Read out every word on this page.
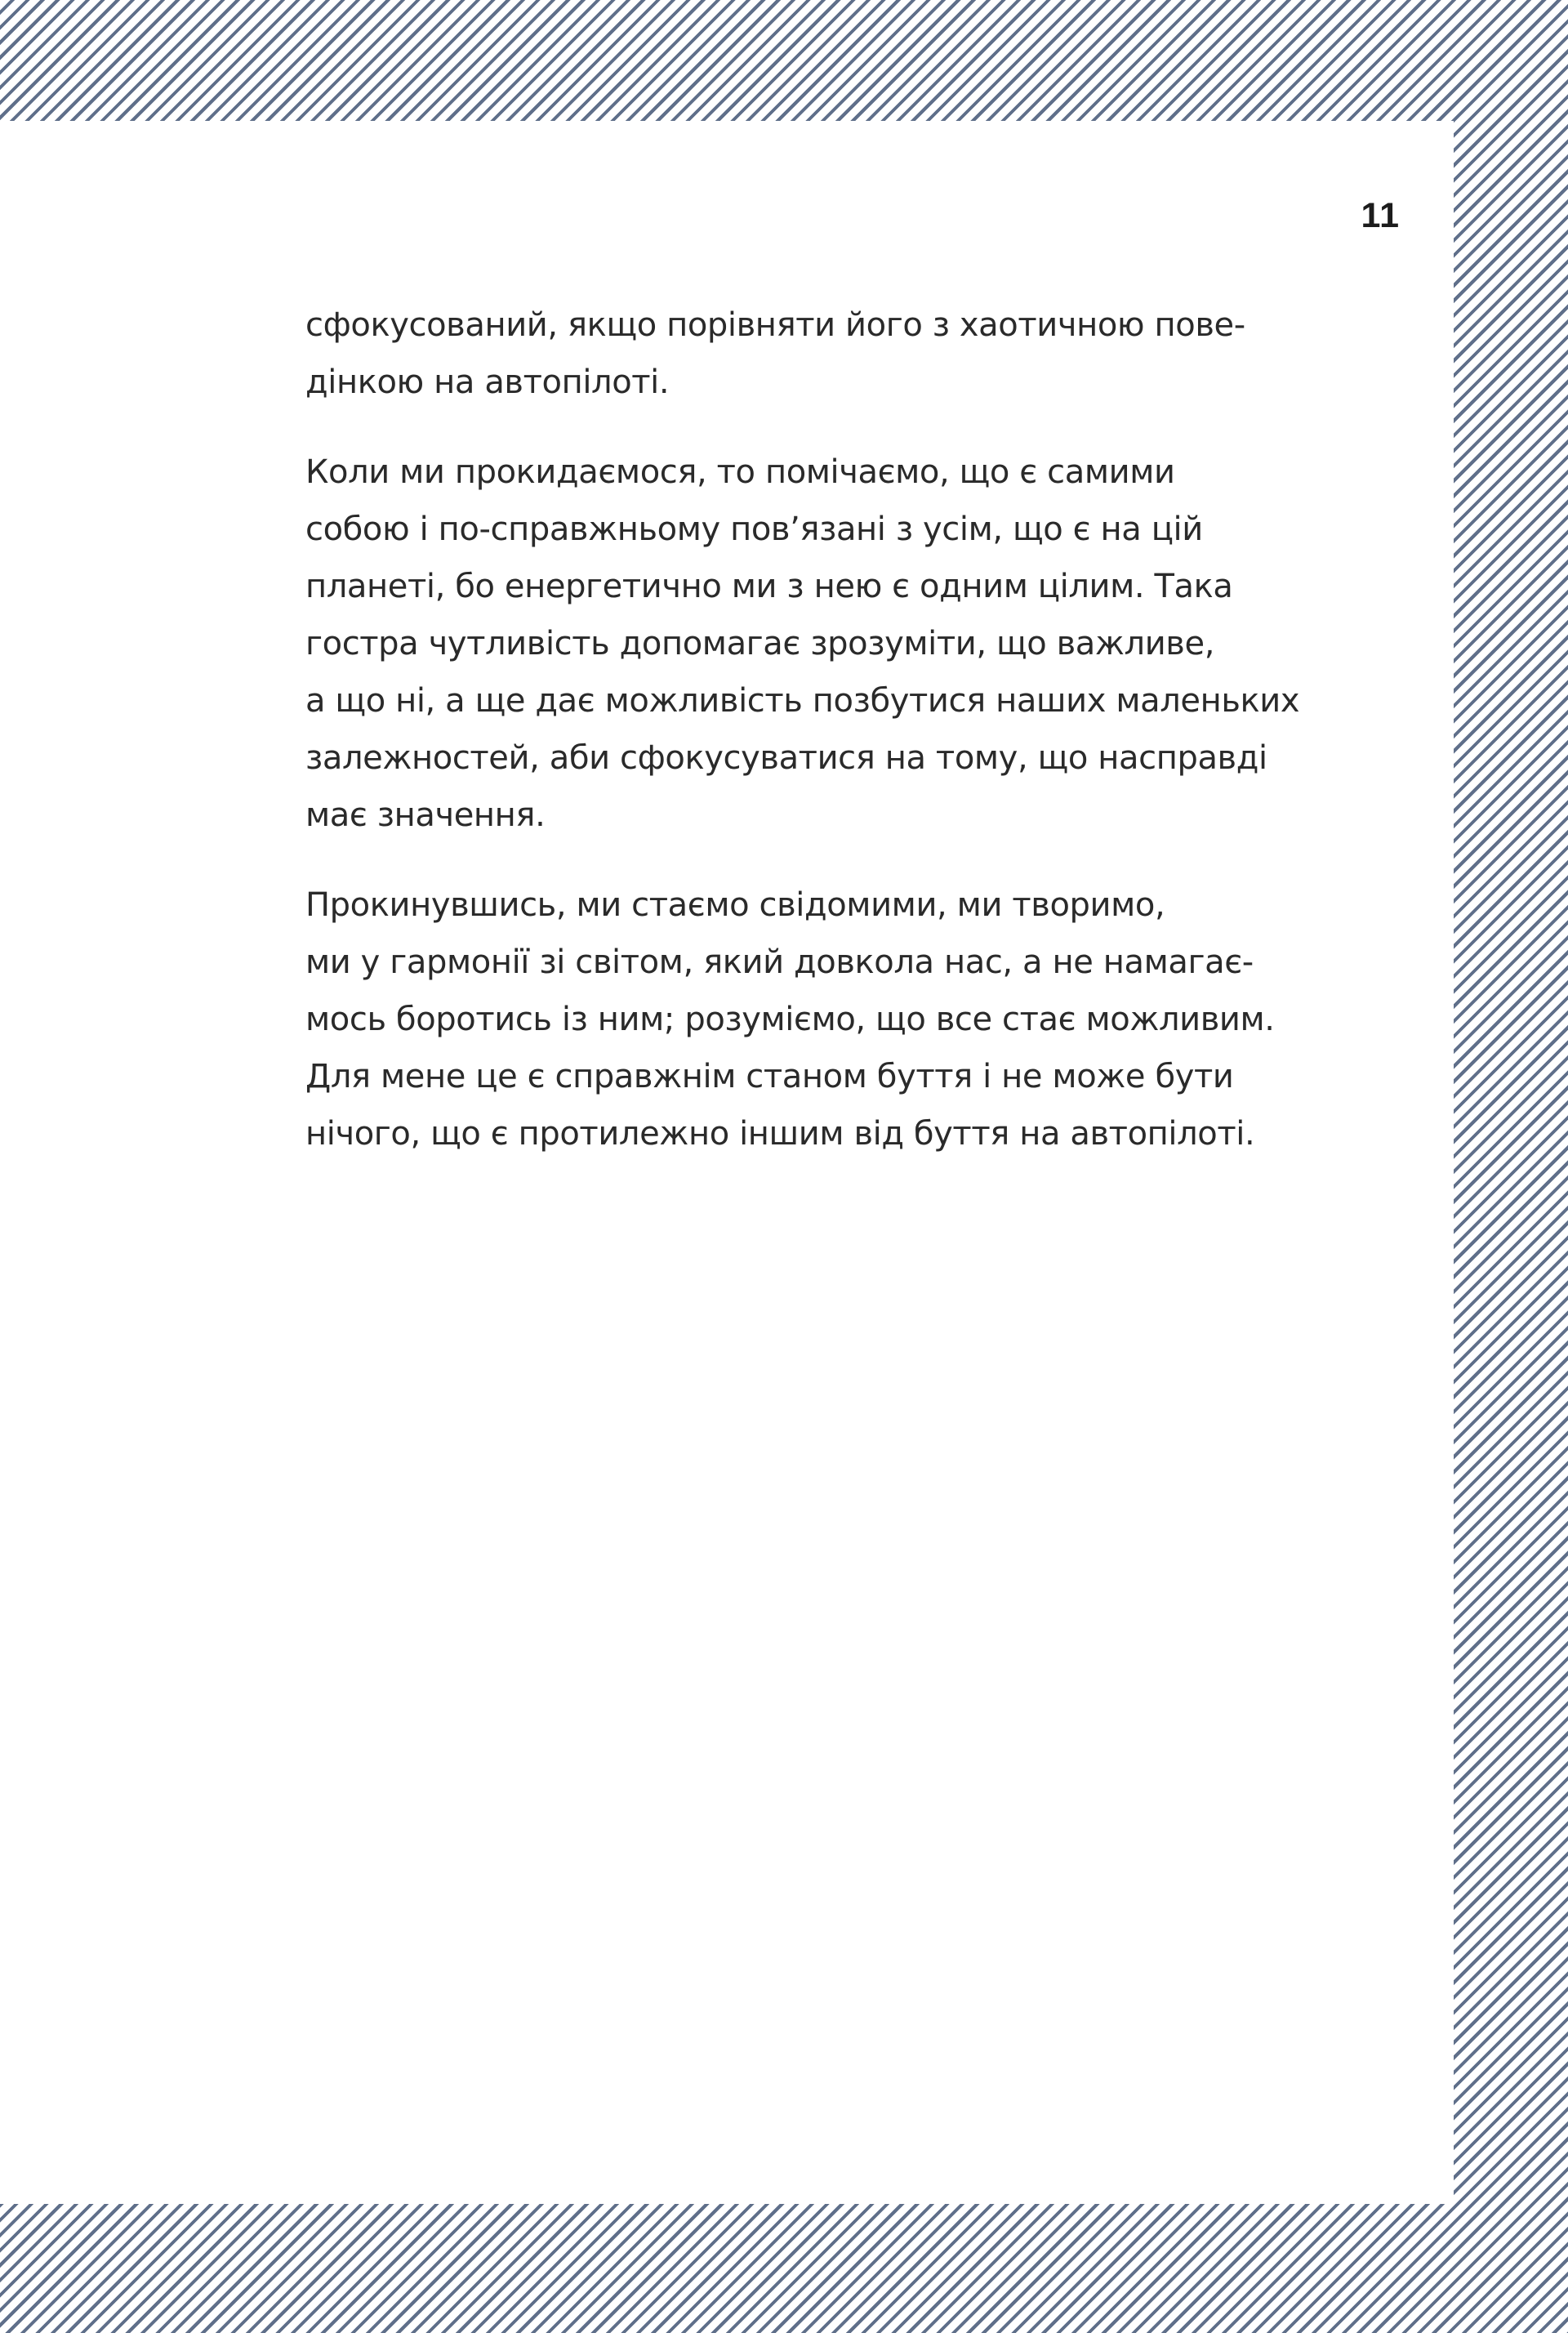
11
сфокусований, якщо порівняти його з хаотичною пове-
дінкою на автопілоті.
Коли ми прокидаємося, то помічаємо, що є самими
собою і по-справжньому пов’язані з усім, що є на цій
планеті, бо енергетично ми з нею є одним цілим. Така
гостра чутливість допомагає зрозуміти, що важливе,
а що ні, а ще дає можливість позбутися наших маленьких
залежностей, аби сфокусуватися на тому, що насправді
має значення.
Прокинувшись, ми стаємо свідомими, ми творимо,
ми у гармонії зі світом, який довкола нас, а не намагає-
мось боротись із ним; розуміємо, що все стає можливим.
Для мене це є справжнім станом буття і не може бути
нічого, що є протилежно іншим від буття на автопілоті.
